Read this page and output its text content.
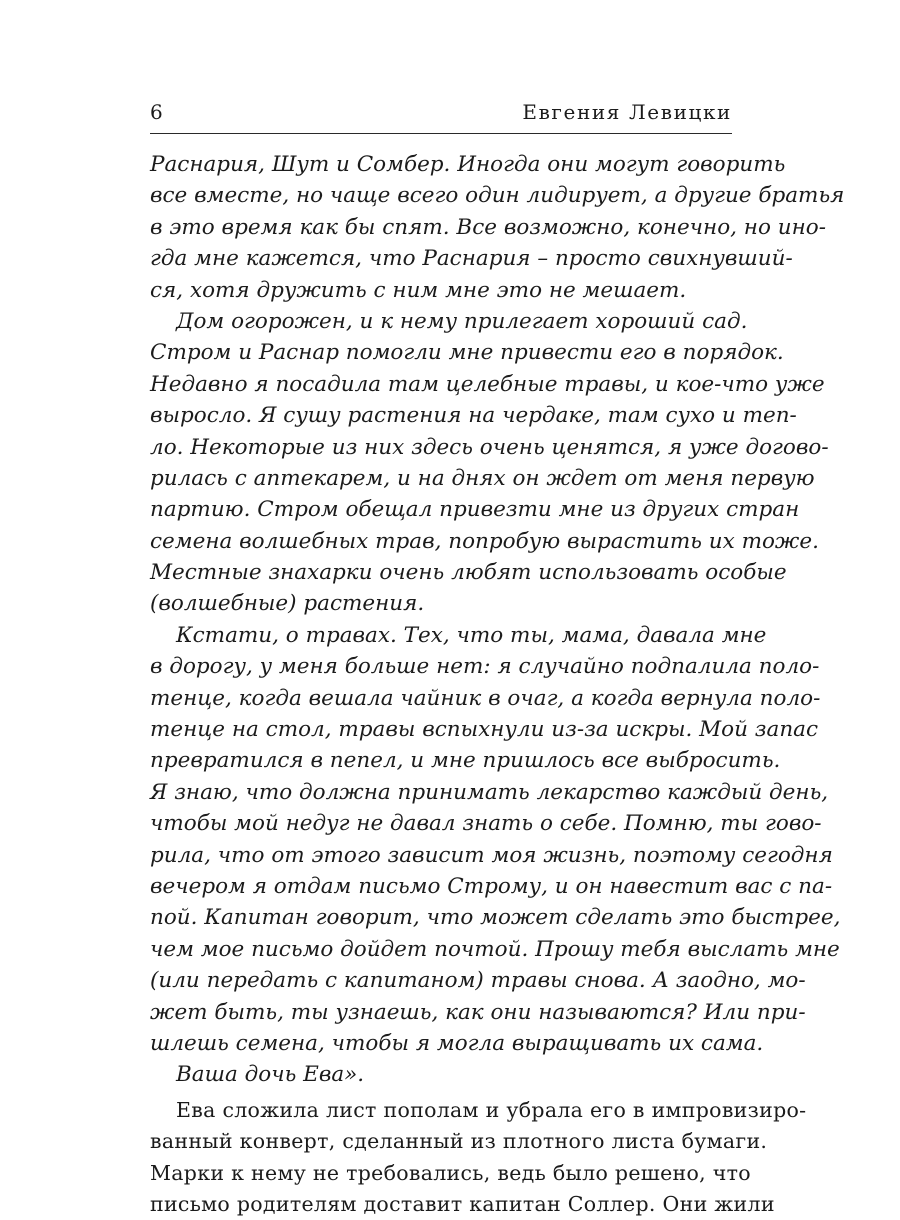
6	Евгения Левицки
Раснария, Шут и Сомбер. Иногда они могут говорить
все вместе, но чаще всего один лидирует, а другие братья
в это время как бы спят. Все возможно, конечно, но ино-
гда мне кажется, что Раснария – просто свихнувший-
ся, хотя дружить с ним мне это не мешает.
Дом огорожен, и к нему прилегает хороший сад.
Стром и Раснар помогли мне привести его в порядок.
Недавно я посадила там целебные травы, и кое-что уже
выросло. Я сушу растения на чердаке, там сухо и теп-
ло. Некоторые из них здесь очень ценятся, я уже догово-
рилась с аптекарем, и на днях он ждет от меня первую
партию. Стром обещал привезти мне из других стран
семена волшебных трав, попробую вырастить их тоже.
Местные знахарки очень любят использовать особые
(волшебные) растения.
Кстати, о травах. Тех, что ты, мама, давала мне
в дорогу, у меня больше нет: я случайно подпалила поло-
тенце, когда вешала чайник в очаг, а когда вернула поло-
тенце на стол, травы вспыхнули из-за искры. Мой запас
превратился в пепел, и мне пришлось все выбросить.
Я знаю, что должна принимать лекарство каждый день,
чтобы мой недуг не давал знать о себе. Помню, ты гово-
рила, что от этого зависит моя жизнь, поэтому сегодня
вечером я отдам письмо Строму, и он навестит вас с па-
пой. Капитан говорит, что может сделать это быстрее,
чем мое письмо дойдет почтой. Прошу тебя выслать мне
(или передать с капитаном) травы снова. А заодно, мо-
жет быть, ты узнаешь, как они называются? Или при-
шлешь семена, чтобы я могла выращивать их сама.
Ваша дочь Ева».
Ева сложила лист пополам и убрала его в импровизиро-
ванный конверт, сделанный из плотного листа бумаги.
Марки к нему не требовались, ведь было решено, что
письмо родителям доставит капитан Соллер. Они жили
